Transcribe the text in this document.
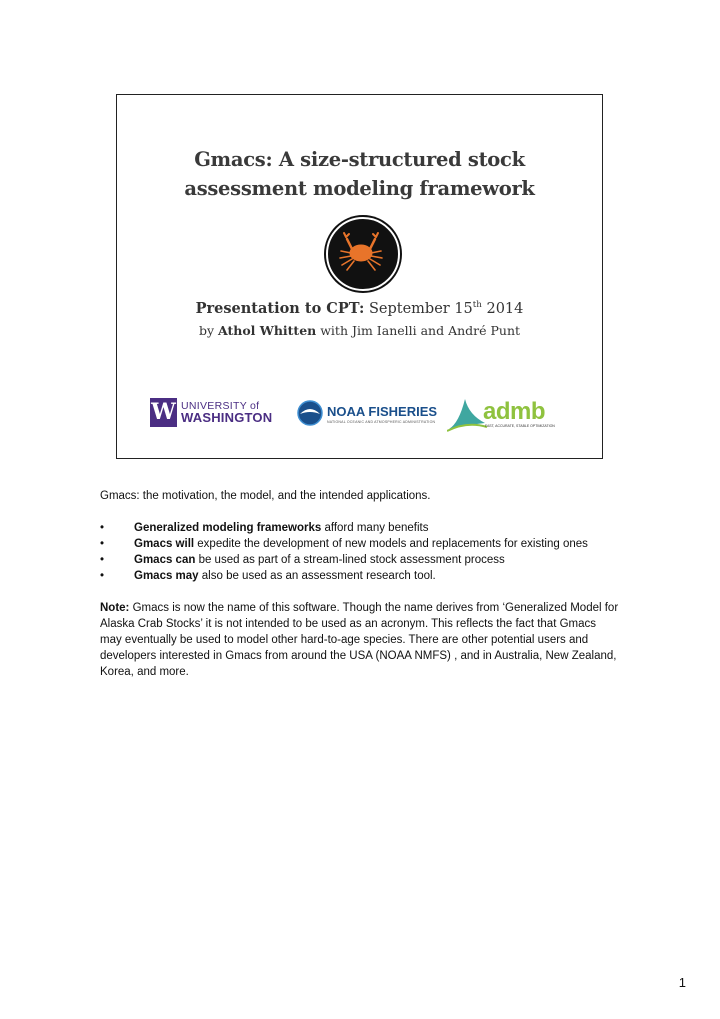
Gmacs: A size-structured stock
assessment modeling framework
Presentation to CPT: September 15th 2014
by Athol Whitten with Jim Ianelli and André Punt
W UNIVERSITY of
WASHINGTON	NOAA FISHERIES
NATIONAL OCEANIC AND ATMOSPHERIC ADMINISTRATION admb
FAST, ACCURATE, STABLE OPTIMIZATION

Gmacs: the motivation, the model, and the intended applications.

•	Generalized modeling frameworks afford many benefits
•	Gmacs will expedite the development of new models and replacements for existing ones
•	Gmacs can be used as part of a stream-lined stock assessment process
•	Gmacs may also be used as an assessment research tool.

Note: Gmacs is now the name of this software. Though the name derives from ‘Generalized Model for Alaska Crab Stocks’ it is not intended to be used as an acronym. This reflects the fact that Gmacs may eventually be used to model other hard-to-age species. There are other potential users and developers interested in Gmacs from around the USA (NOAA NMFS) , and in Australia, New Zealand, Korea, and more.

1
